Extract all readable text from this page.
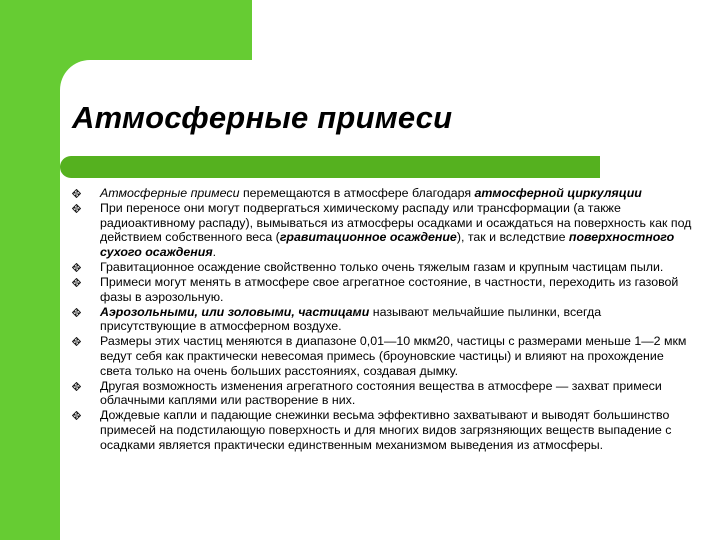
Атмосферные примеси
Атмосферные примеси перемещаются в атмосфере благодаря атмосферной циркуляции
При переносе они могут подвергаться химическому распаду или трансформации (а также радиоактивному распаду), вымываться из атмосферы осадками и осаждаться на поверхность как под действием собственного веса (гравитационное осаждение), так и вследствие поверхностного сухого осаждения.
Гравитационное осаждение свойственно только очень тяжелым газам и крупным частицам пыли.
Примеси могут менять в атмосфере свое агрегатное состояние, в частности, переходить из газовой фазы в аэрозольную.
Аэрозольными, или золовыми, частицами называют мельчайшие пылинки, всегда присутствующие в атмосферном воздухе.
Размеры этих частиц меняются в диапазоне 0,01—10 мкм20, частицы с размерами меньше 1—2 мкм ведут себя как практически невесомая примесь (броуновские частицы) и влияют на прохождение света только на очень больших расстояниях, создавая дымку.
Другая возможность изменения агрегатного состояния вещества в атмосфере — захват примеси облачными каплями или растворение в них.
Дождевые капли и падающие снежинки весьма эффективно захватывают и выводят большинство примесей на подстилающую поверхность и для многих видов загрязняющих веществ выпадение с осадками является практически единственным механизмом выведения из атмосферы.
